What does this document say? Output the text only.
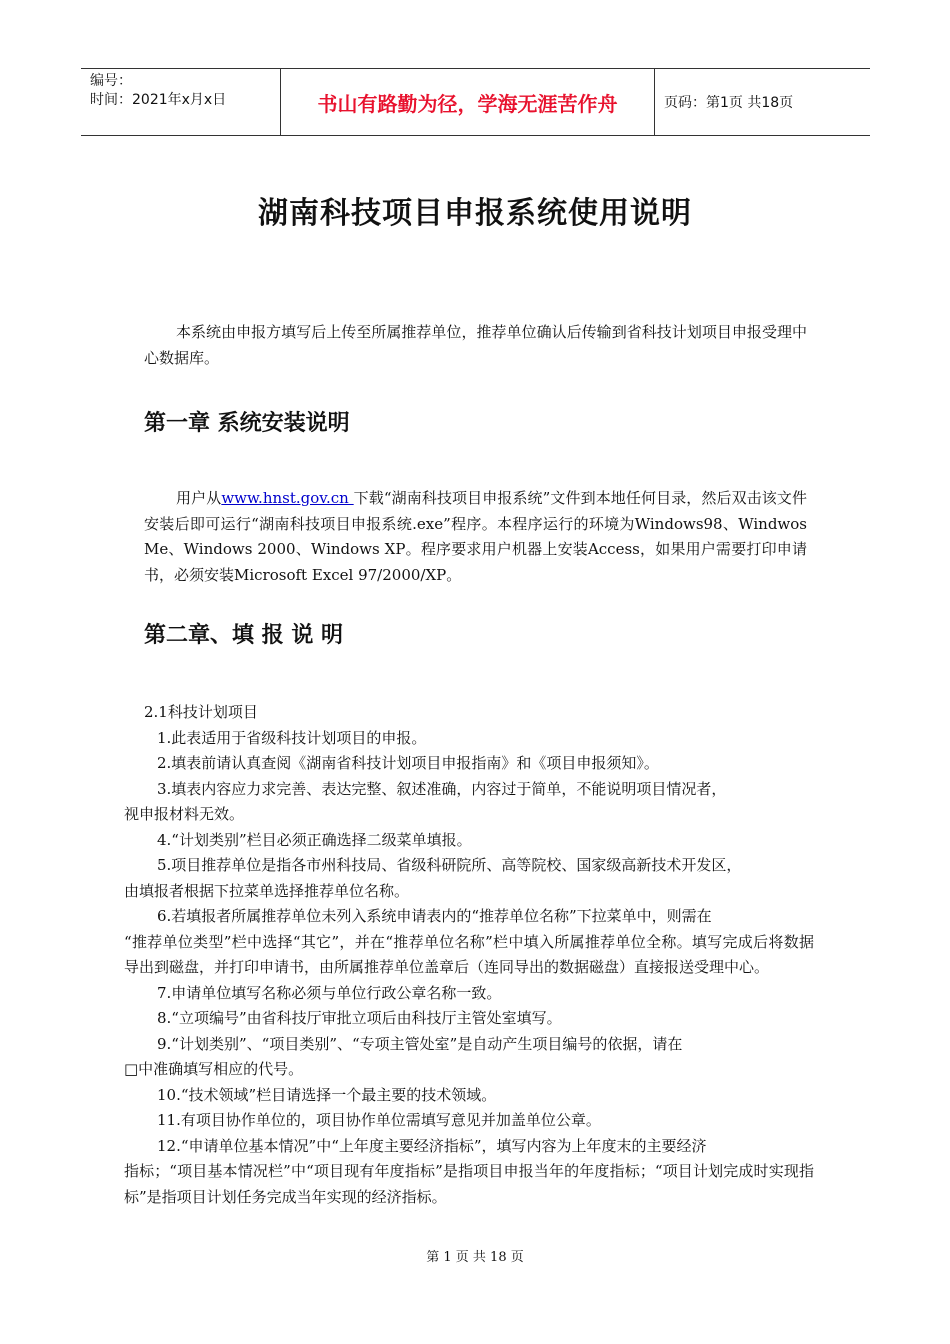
编号：
时间：2021年x月x日	书山有路勤为径，学海无涯苦作舟	页码：第1页 共18页
湖南科技项目申报系统使用说明

本系统由申报方填写后上传至所属推荐单位，推荐单位确认后传输到省科技计划项目申报受理中心数据库。

第一章 系统安装说明

用户从www.hnst.gov.cn 下载“湖南科技项目申报系统”文件到本地任何目录，然后双击该文件安装后即可运行“湖南科技项目申报系统.exe”程序。本程序运行的环境为Windows98、Windwos Me、Windows 2000、Windows XP。程序要求用户机器上安装Access，如果用户需要打印申请书，必须安装Microsoft Excel 97/2000/XP。

第二章、填 报 说 明
2.1科技计划项目
1.此表适用于省级科技计划项目的申报。
2.填表前请认真查阅《湖南省科技计划项目申报指南》和《项目申报须知》。
3.填表内容应力求完善、表达完整、叙述准确，内容过于简单，不能说明项目情况者，
视申报材料无效。
4.“计划类别”栏目必须正确选择二级菜单填报。
5.项目推荐单位是指各市州科技局、省级科研院所、高等院校、国家级高新技术开发区，
由填报者根据下拉菜单选择推荐单位名称。
6.若填报者所属推荐单位未列入系统申请表内的“推荐单位名称”下拉菜单中，则需在
“推荐单位类型”栏中选择“其它”，并在“推荐单位名称”栏中填入所属推荐单位全称。填写完成后将数据导出到磁盘，并打印申请书，由所属推荐单位盖章后（连同导出的数据磁盘）直接报送受理中心。
7.申请单位填写名称必须与单位行政公章名称一致。
8.“立项编号”由省科技厅审批立项后由科技厅主管处室填写。
9.“计划类别”、“项目类别”、“专项主管处室”是自动产生项目编号的依据，请在
□中准确填写相应的代号。
10.“技术领域”栏目请选择一个最主要的技术领域。
11.有项目协作单位的，项目协作单位需填写意见并加盖单位公章。
12.“申请单位基本情况”中“上年度主要经济指标”，填写内容为上年度末的主要经济
指标；“项目基本情况栏”中“项目现有年度指标”是指项目申报当年的年度指标；“项目计划完成时实现指标”是指项目计划任务完成当年实现的经济指标。
第 1 页 共 18 页
